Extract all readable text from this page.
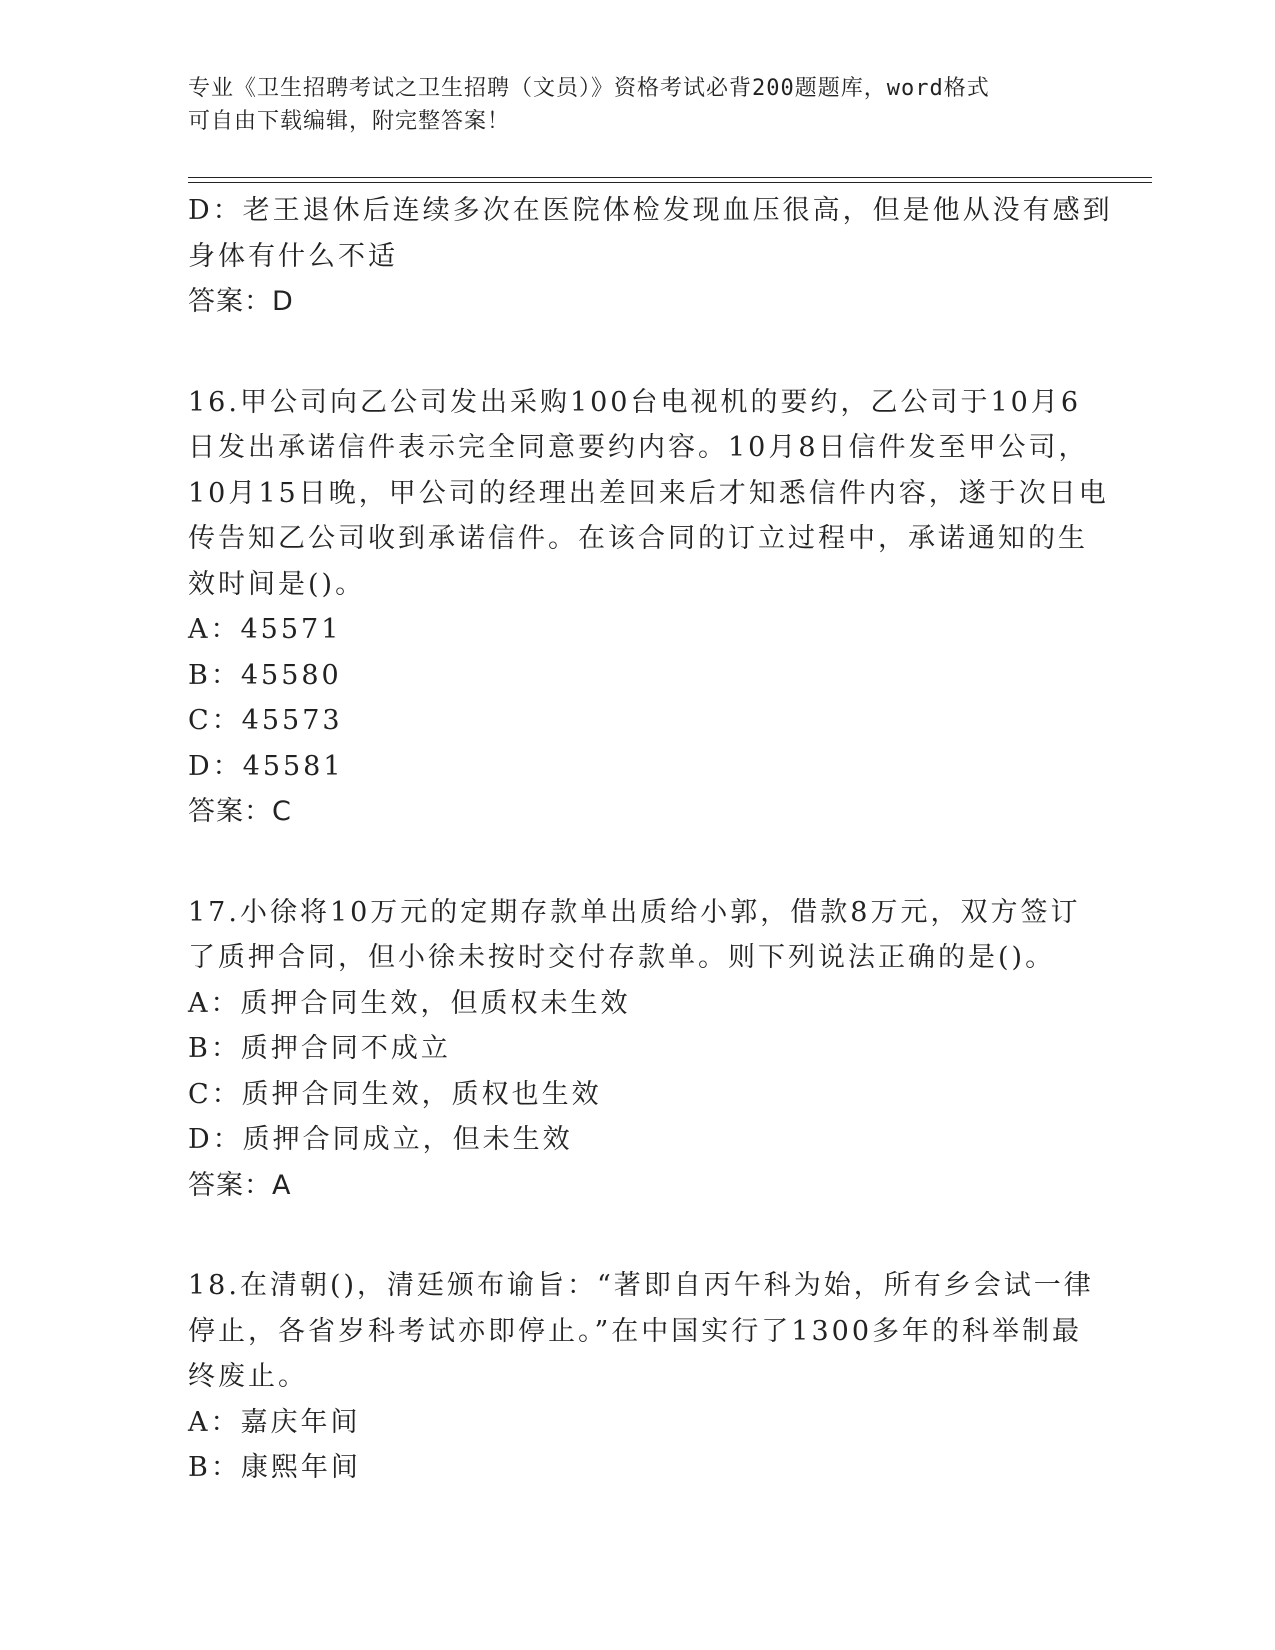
专业《卫生招聘考试之卫生招聘（文员）》资格考试必背200题题库，word格式
可自由下载编辑，附完整答案！
D：老王退休后连续多次在医院体检发现血压很高，但是他从没有感到
身体有什么不适
答案：D
16.甲公司向乙公司发出采购100台电视机的要约，乙公司于10月6
日发出承诺信件表示完全同意要约内容。10月8日信件发至甲公司，
10月15日晚，甲公司的经理出差回来后才知悉信件内容，遂于次日电
传告知乙公司收到承诺信件。在该合同的订立过程中，承诺通知的生
效时间是()。
A：45571
B：45580
C：45573
D：45581
答案：C
17.小徐将10万元的定期存款单出质给小郭，借款8万元，双方签订
了质押合同，但小徐未按时交付存款单。则下列说法正确的是()。
A：质押合同生效，但质权未生效
B：质押合同不成立
C：质押合同生效，质权也生效
D：质押合同成立，但未生效
答案：A
18.在清朝()，清廷颁布谕旨：“著即自丙午科为始，所有乡会试一律
停止，各省岁科考试亦即停止。”在中国实行了1300多年的科举制最
终废止。
A：嘉庆年间
B：康熙年间
